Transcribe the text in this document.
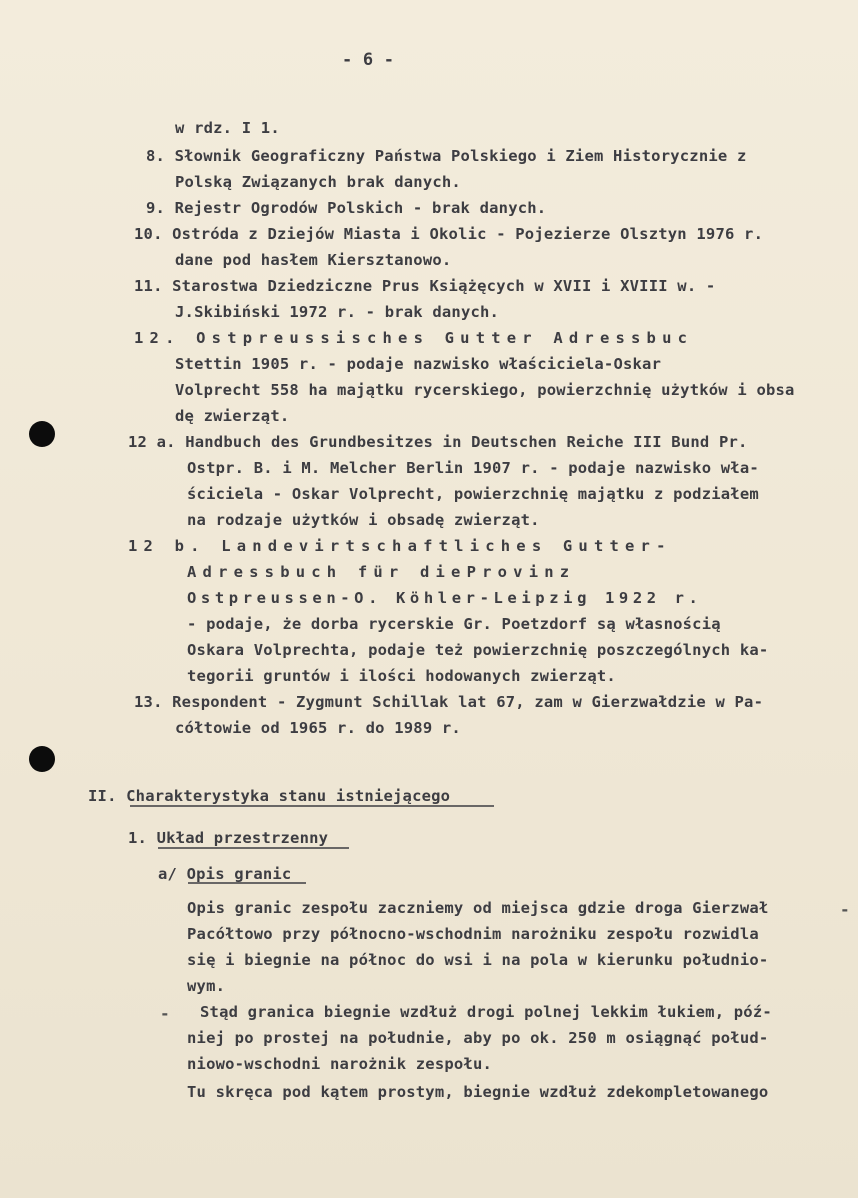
- 6 -
w rdz. I 1.
8. Słownik Geograficzny Państwa Polskiego i Ziem Historycznie z
Polską Związanych brak danych.
9. Rejestr Ogrodów Polskich - brak danych.
10. Ostróda z Dziejów Miasta i Okolic - Pojezierze Olsztyn 1976 r.
dane pod hasłem Kiersztanowo.
11. Starostwa Dziedziczne Prus Książęcych w XVII i XVIII w. -
J.Skibiński 1972 r. - brak danych.
12. Ostpreussisches Gutter Adressbuc
Stettin 1905 r. - podaje nazwisko właściciela-Oskar
Volprecht 558 ha majątku rycerskiego, powierzchnię użytków i obsa
dę zwierząt.
12 a. Handbuch des Grundbesitzes in Deutschen Reiche III Bund Pr.
Ostpr. B. i M. Melcher Berlin 1907 r. - podaje nazwisko wła-
ściciela - Oskar Volprecht, powierzchnię majątku z podziałem
na rodzaje użytków i obsadę zwierząt.
12 b. Landevirtschaftliches Gutter-
Adressbuch für dieProvinz
Ostpreussen-O. Köhler-Leipzig 1922 r.
- podaje, że dorba rycerskie Gr. Poetzdorf są własnością
Oskara Volprechta, podaje też powierzchnię poszczególnych ka-
tegorii gruntów i ilości hodowanych zwierząt.
13. Respondent - Zygmunt Schillak lat 67, zam w Gierzwałdzie w Pa-
cółtowie od 1965 r. do 1989 r.
II. Charakterystyka stanu istniejącego
1. Układ przestrzenny
a/ Opis granic
Opis granic zespołu zaczniemy od miejsca gdzie droga Gierzwał
Pacółtowo przy północno-wschodnim narożniku zespołu rozwidla
się i biegnie na północ do wsi i na pola w kierunku południo-
wym.
Stąd granica biegnie wzdłuż drogi polnej lekkim łukiem, póź-
niej po prostej na południe, aby po ok. 250 m osiągnąć połud-
niowo-wschodni narożnik zespołu.
Tu skręca pod kątem prostym, biegnie wzdłuż zdekompletowanego
-
-
